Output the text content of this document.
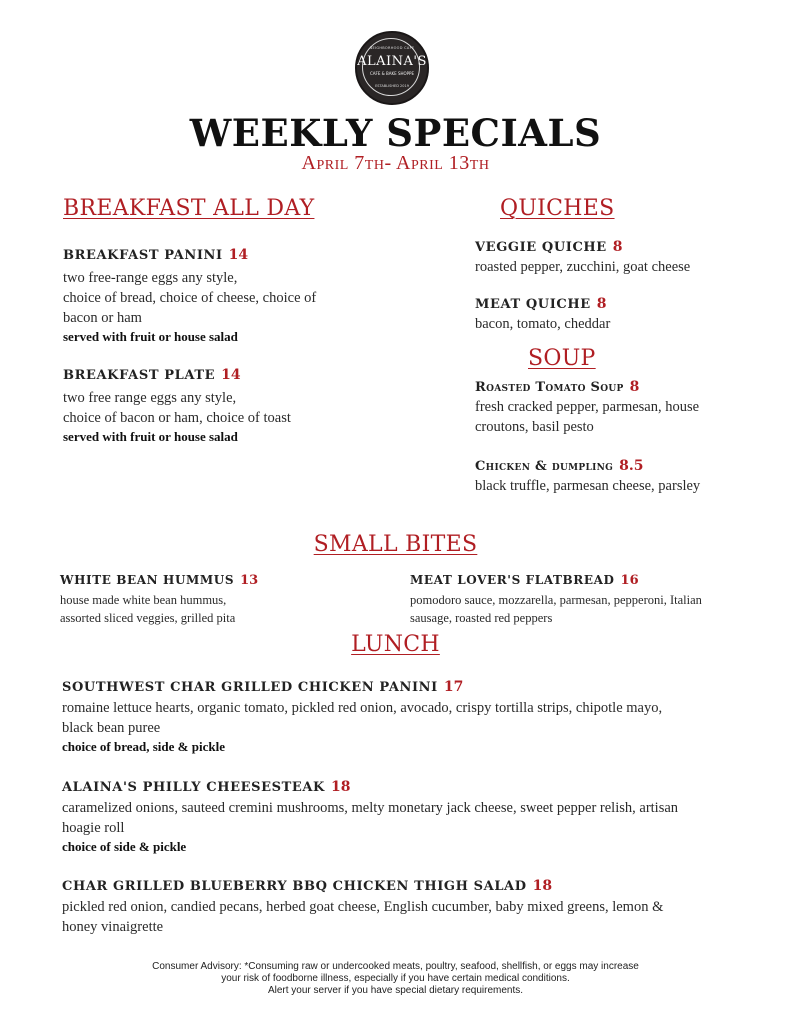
NEIGHBORHOOD CAFE
ALAINA'S
CAFE & BAKE SHOPPE
ESTABLISHED 2019
WEEKLY SPECIALS
April 7th- April 13th
BREAKFAST ALL DAY
BREAKFAST PANINI 14
two free-range eggs any style,
choice of bread, choice of cheese, choice of
bacon or ham
served with fruit or house salad
BREAKFAST PLATE 14
two free range eggs any style,
choice of bacon or ham, choice of toast
served with fruit or house salad
QUICHES
VEGGIE QUICHE 8
roasted pepper, zucchini, goat cheese
MEAT QUICHE 8
bacon, tomato, cheddar
SOUP
Roasted Tomato Soup 8
fresh cracked pepper, parmesan, house
croutons, basil pesto
Chicken & dumpling 8.5
black truffle, parmesan cheese, parsley
SMALL BITES
WHITE BEAN HUMMUS 13
house made white bean hummus,
assorted sliced veggies, grilled pita
MEAT LOVER'S FLATBREAD 16
pomodoro sauce, mozzarella, parmesan, pepperoni, Italian
sausage, roasted red peppers
LUNCH
SOUTHWEST CHAR GRILLED CHICKEN PANINI 17
romaine lettuce hearts, organic tomato, pickled red onion, avocado, crispy tortilla strips, chipotle mayo,
black bean puree
choice of bread, side & pickle
ALAINA'S PHILLY CHEESESTEAK 18
caramelized onions, sauteed cremini mushrooms, melty monetary jack cheese, sweet pepper relish, artisan
hoagie roll
choice of side & pickle
CHAR GRILLED BLUEBERRY BBQ CHICKEN THIGH SALAD 18
pickled red onion, candied pecans, herbed goat cheese, English cucumber, baby mixed greens, lemon &
honey vinaigrette
Consumer Advisory: *Consuming raw or undercooked meats, poultry, seafood, shellfish, or eggs may increase
your risk of foodborne illness, especially if you have certain medical conditions.
Alert your server if you have special dietary requirements.
